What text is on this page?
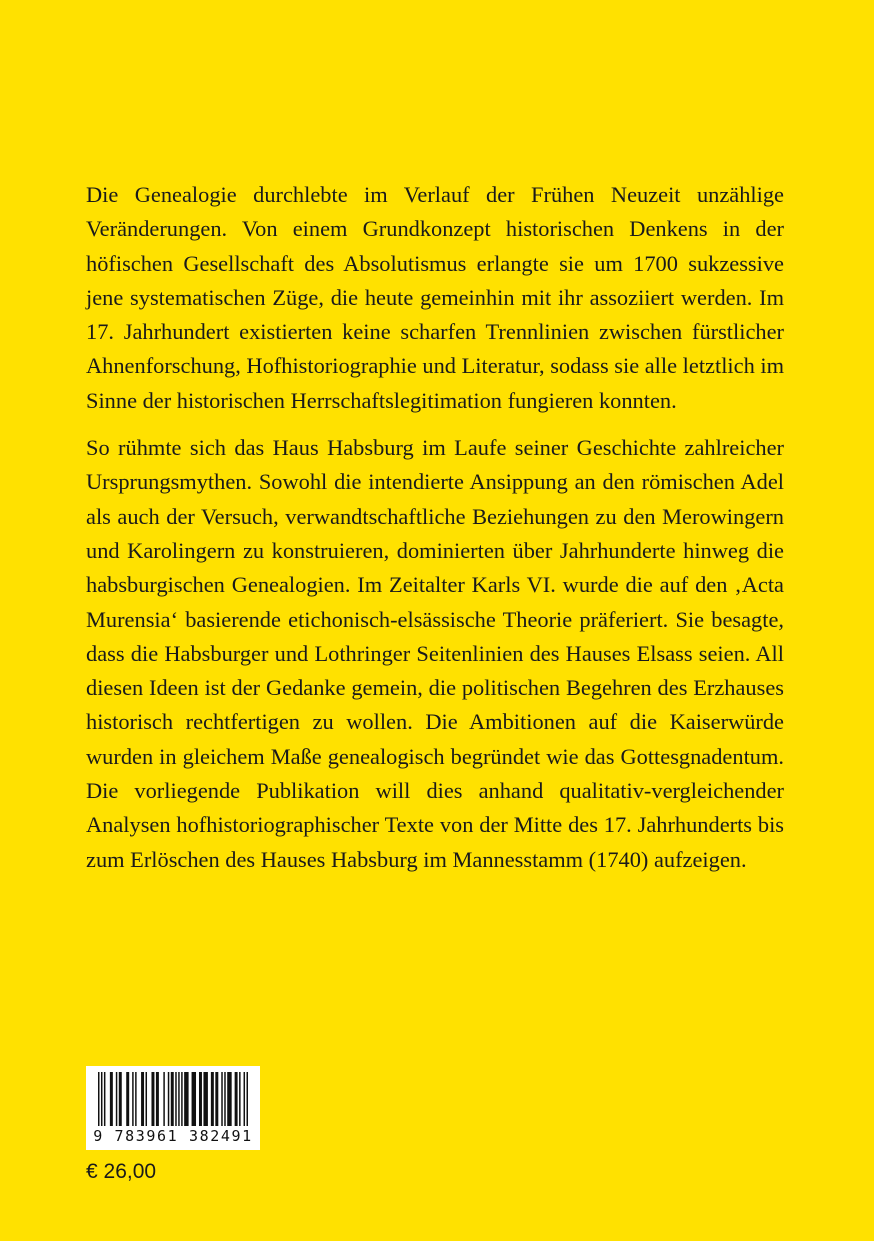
Die Genealogie durchlebte im Verlauf der Frühen Neuzeit unzählige Veränderungen. Von einem Grundkonzept historischen Denkens in der höfischen Gesellschaft des Absolutismus erlangte sie um 1700 sukzessive jene systematischen Züge, die heute gemeinhin mit ihr assoziiert werden. Im 17. Jahrhundert existierten keine scharfen Trennlinien zwischen fürstlicher Ahnenforschung, Hofhistoriographie und Literatur, sodass sie alle letztlich im Sinne der historischen Herrschaftslegitimation fungieren konnten.

So rühmte sich das Haus Habsburg im Laufe seiner Geschichte zahlreicher Ursprungsmythen. Sowohl die intendierte Ansippung an den römischen Adel als auch der Versuch, verwandtschaftliche Beziehungen zu den Merowingern und Karolingern zu konstruieren, dominierten über Jahrhunderte hinweg die habsburgischen Genealogien. Im Zeitalter Karls VI. wurde die auf den ‚Acta Murensia‘ basierende etichonisch-elsässische Theorie präferiert. Sie besagte, dass die Habsburger und Lothringer Seitenlinien des Hauses Elsass seien. All diesen Ideen ist der Gedanke gemein, die politischen Begehren des Erzhauses historisch rechtfertigen zu wollen. Die Ambitionen auf die Kaiserwürde wurden in gleichem Maße genealogisch begründet wie das Gottesgnadentum. Die vorliegende Publikation will dies anhand qualitativ-vergleichender Analysen hofhistoriographischer Texte von der Mitte des 17. Jahrhunderts bis zum Erlöschen des Hauses Habsburg im Mannesstamm (1740) aufzeigen.

9 783961 382491
€ 26,00
